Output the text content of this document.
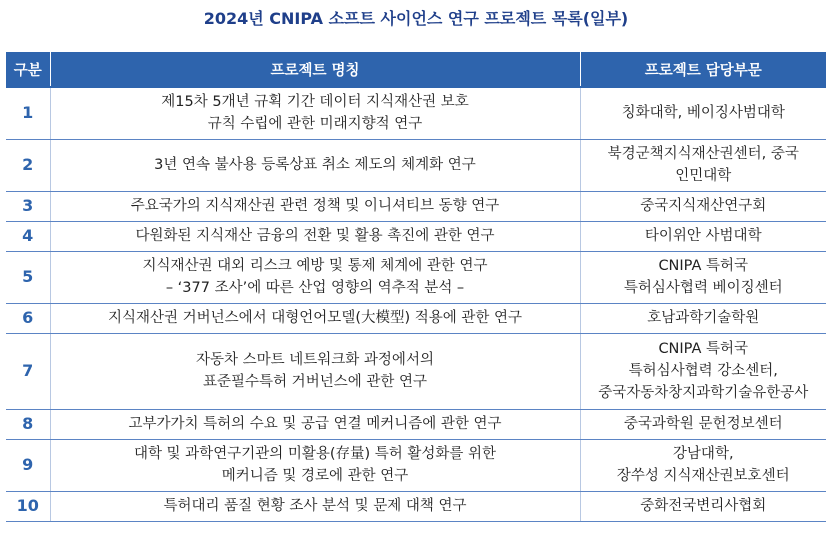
2024년 CNIPA 소프트 사이언스 연구 프로젝트 목록(일부)
구분	프로젝트 명칭	프로젝트 담당부문
1	제15차 5개년 규획 기간 데이터 지식재산권 보호
규칙 수립에 관한 미래지향적 연구	칭화대학, 베이징사범대학

2	3년 연속 불사용 등록상표 취소 제도의 체계화 연구	북경군책지식재산권센터, 중국
인민대학

3	주요국가의 지식재산권 관련 정책 및 이니셔티브 동향 연구	중국지식재산연구회

4	다원화된 지식재산 금융의 전환 및 활용 촉진에 관한 연구	타이위안 사범대학

5	지식재산권 대외 리스크 예방 및 통제 체계에 관한 연구
– ‘377 조사’에 따른 산업 영향의 역추적 분석 –	CNIPA 특허국
특허심사협력 베이징센터

6	지식재산권 거버넌스에서 대형언어모델(大模型) 적용에 관한 연구	호남과학기술학원

7	자동차 스마트 네트워크화 과정에서의
표준필수특허 거버넌스에 관한 연구	CNIPA 특허국
특허심사협력 강소센터,
중국자동차창지과학기술유한공사

8	고부가가치 특허의 수요 및 공급 연결 메커니즘에 관한 연구	중국과학원 문헌정보센터

9	대학 및 과학연구기관의 미활용(存量) 특허 활성화를 위한
메커니즘 및 경로에 관한 연구	강남대학,
장쑤성 지식재산권보호센터

10	특허대리 품질 현황 조사 분석 및 문제 대책 연구	중화전국변리사협회
